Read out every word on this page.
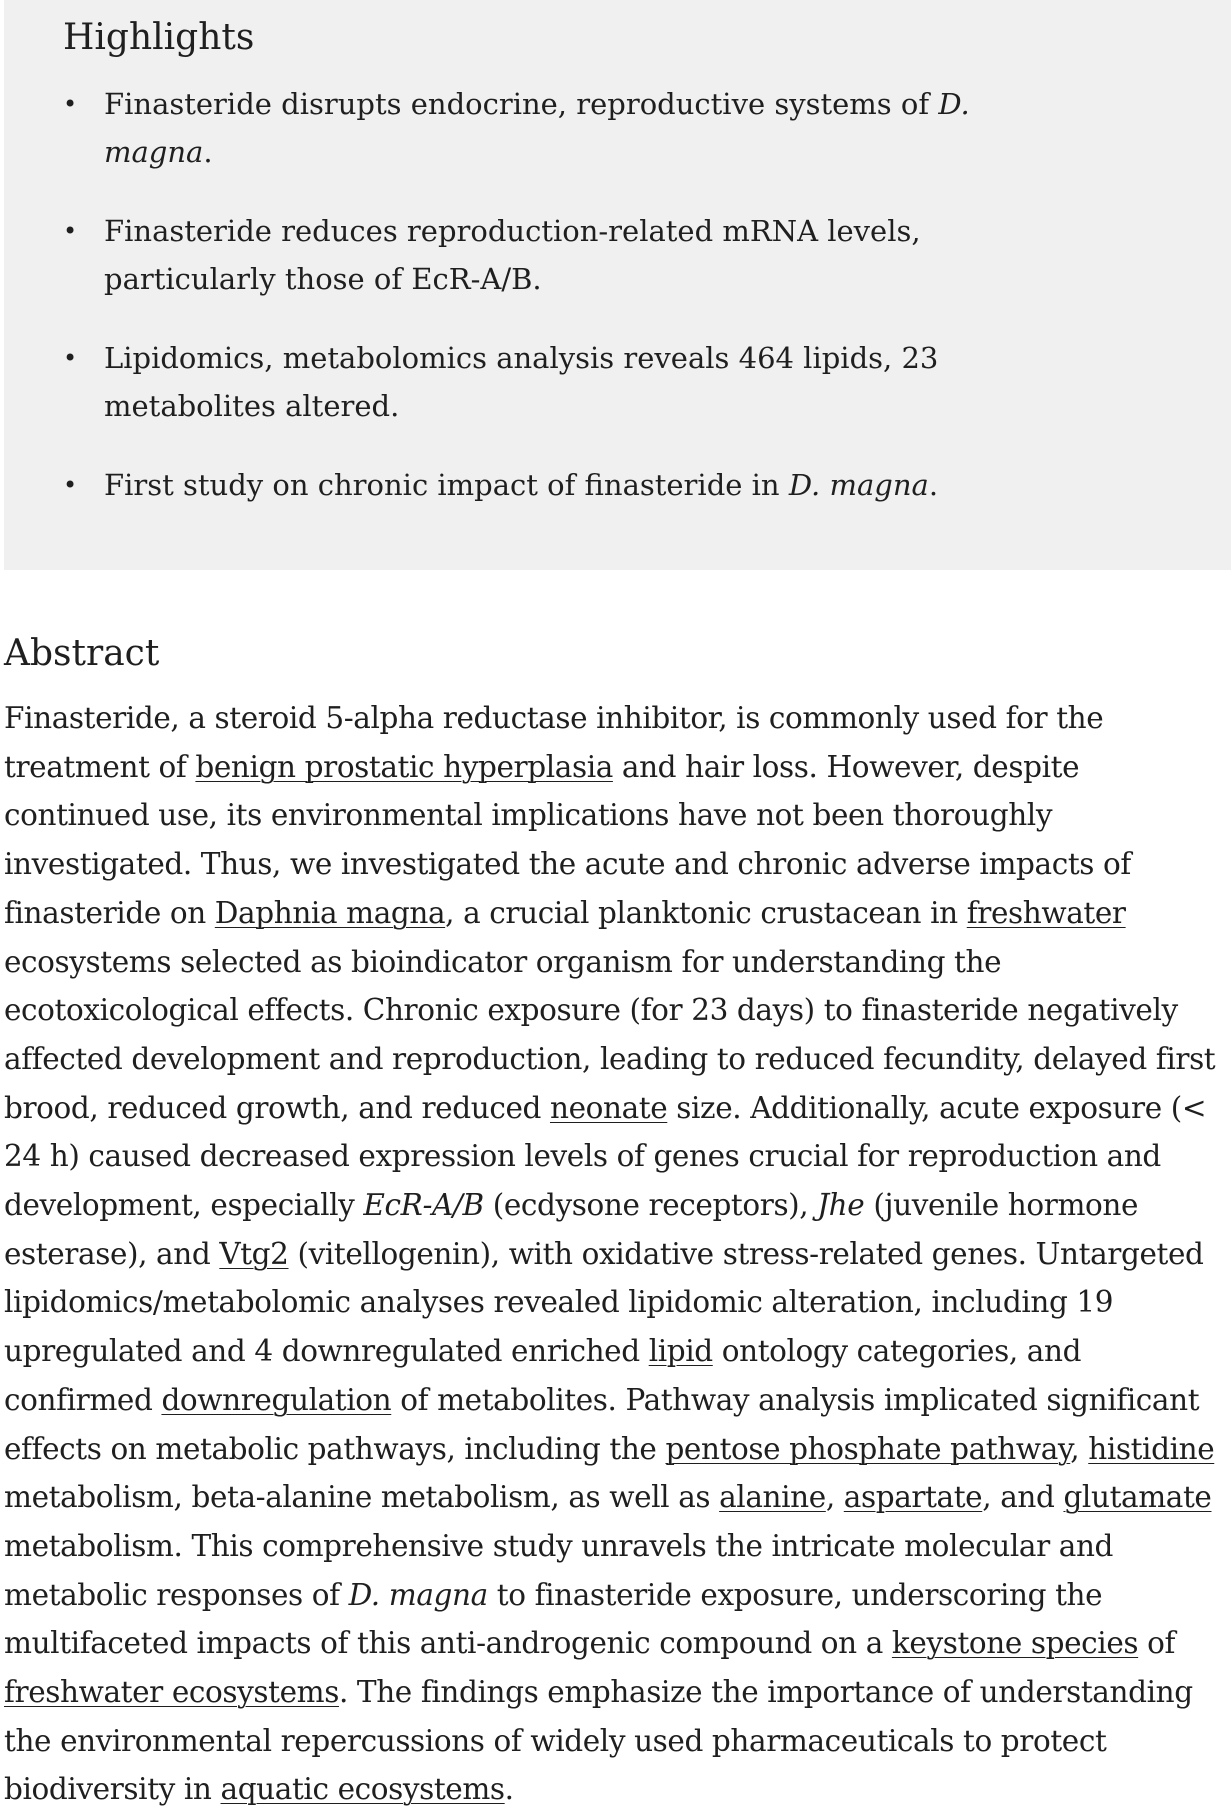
Highlights
• Finasteride disrupts endocrine, reproductive systems of D. magna.
• Finasteride reduces reproduction-related mRNA levels, particularly those of EcR-A/B.
• Lipidomics, metabolomics analysis reveals 464 lipids, 23 metabolites altered.
• First study on chronic impact of finasteride in D. magna.
Abstract

Finasteride, a steroid 5-alpha reductase inhibitor, is commonly used for the treatment of benign prostatic hyperplasia and hair loss. However, despite continued use, its environmental implications have not been thoroughly investigated. Thus, we investigated the acute and chronic adverse impacts of finasteride on Daphnia magna, a crucial planktonic crustacean in freshwater ecosystems selected as bioindicator organism for understanding the ecotoxicological effects. Chronic exposure (for 23 days) to finasteride negatively affected development and reproduction, leading to reduced fecundity, delayed first brood, reduced growth, and reduced neonate size. Additionally, acute exposure (< 24 h) caused decreased expression levels of genes crucial for reproduction and development, especially EcR-A/B (ecdysone receptors), Jhe (juvenile hormone esterase), and Vtg2 (vitellogenin), with oxidative stress-related genes. Untargeted lipidomics/metabolomic analyses revealed lipidomic alteration, including 19 upregulated and 4 downregulated enriched lipid ontology categories, and confirmed downregulation of metabolites. Pathway analysis implicated significant effects on metabolic pathways, including the pentose phosphate pathway, histidine metabolism, beta-alanine metabolism, as well as alanine, aspartate, and glutamate metabolism. This comprehensive study unravels the intricate molecular and metabolic responses of D. magna to finasteride exposure, underscoring the multifaceted impacts of this anti-androgenic compound on a keystone species of freshwater ecosystems. The findings emphasize the importance of understanding the environmental repercussions of widely used pharmaceuticals to protect biodiversity in aquatic ecosystems.
